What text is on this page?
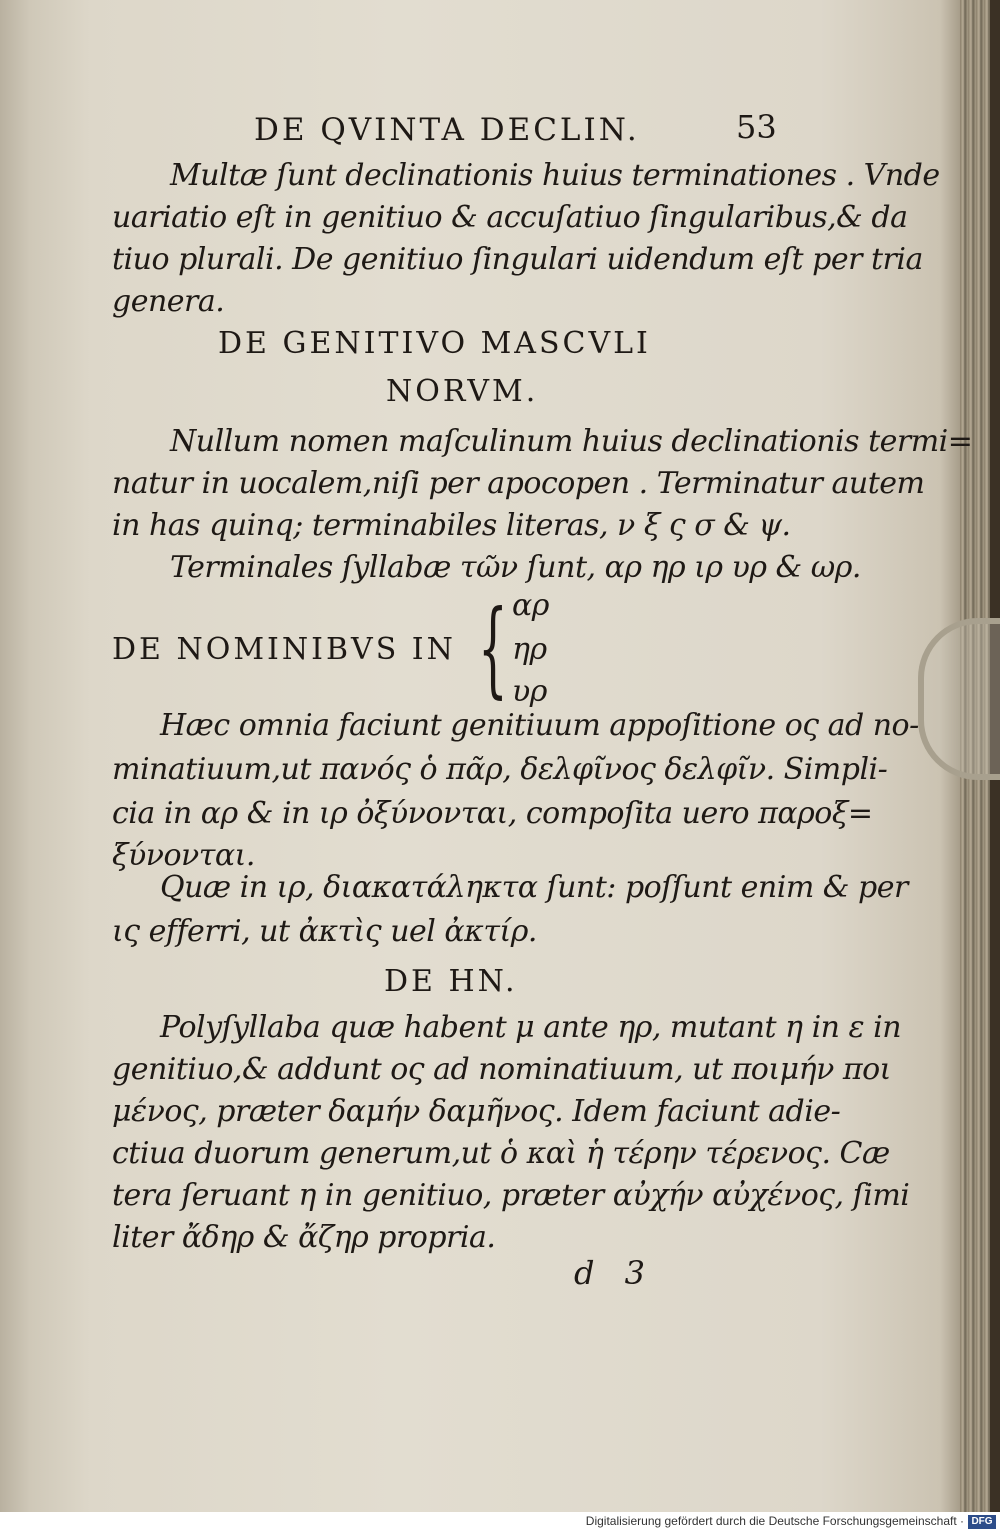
DE QVINTA DECLIN.	53
Multæ ſunt declinationis huius terminationes . Vnde
uariatio eſt in genitiuo & accuſatiuo ſingularibus,& da
tiuo plurali. De genitiuo ſingulari uidendum eſt per tria
genera.
DE GENITIVO MASCVLI
NORVM.
Nullum nomen maſculinum huius declinationis termi=
natur in uocalem,niſi per apocopen . Terminatur autem
in has quinq; terminabiles literas, ν ξ ς σ & ψ.
Terminales ſyllabæ τῶν ſunt, αρ ηρ ιρ υρ & ωρ.
DE NOMINIBVS IN { αρ
ηρ
υρ
Hæc omnia faciunt genitiuum appoſitione ος ad no-
minatiuum,ut πανός ὁ πᾶρ, δελφῖνος δελφῖν. Simpli-
cia in αρ & in ιρ ὀξύνονται, compoſita uero παροξ=
ξύνονται.
Quæ in ιρ, διακατάληκτα ſunt: poſſunt enim & per
ις efferri, ut ἀκτὶς uel ἀκτίρ.
DE HN.
Polyſyllaba quæ habent μ ante ηρ, mutant η in ε in
genitiuo,& addunt ος ad nominatiuum, ut ποιμήν ποι
μένος, præter δαμήν δαμῆνος. Idem faciunt adie-
ctiua duorum generum,ut ὁ καὶ ἡ τέρην τέρενος. Cæ
tera ſeruant η in genitiuo, præter αὐχήν αὐχένος, ſimi
liter ἄδηρ & ἄζηρ propria.
d 3
Digitalisierung gefördert durch die Deutsche Forschungsgemeinschaft · DFG
